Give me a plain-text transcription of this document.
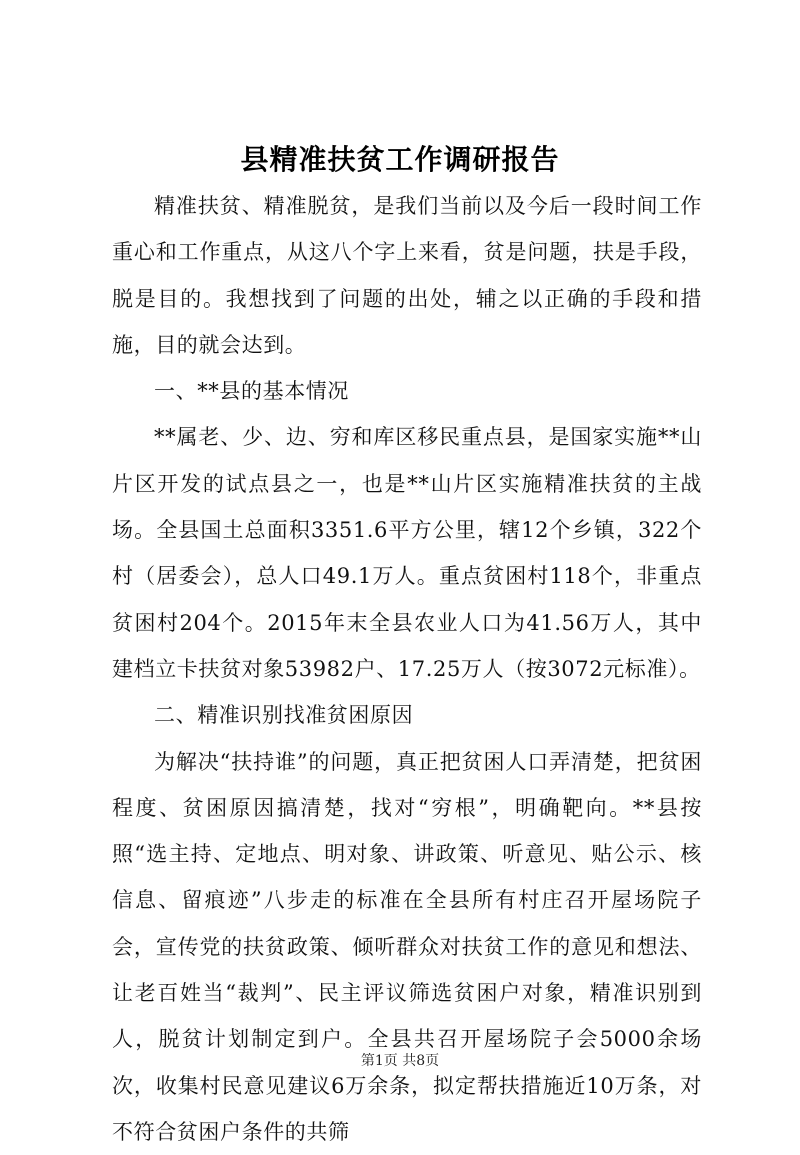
县精准扶贫工作调研报告

精准扶贫、精准脱贫，是我们当前以及今后一段时间工作重心和工作重点，从这八个字上来看，贫是问题，扶是手段，脱是目的。我想找到了问题的出处，辅之以正确的手段和措施，目的就会达到。

一、**县的基本情况

**属老、少、边、穷和库区移民重点县，是国家实施**山片区开发的试点县之一，也是**山片区实施精准扶贫的主战场。全县国土总面积3351.6平方公里，辖12个乡镇，322个村（居委会），总人口49.1万人。重点贫困村118个，非重点贫困村204个。2015年末全县农业人口为41.56万人，其中建档立卡扶贫对象53982户、17.25万人（按3072元标准）。

二、精准识别找准贫困原因

为解决“扶持谁”的问题，真正把贫困人口弄清楚，把贫困程度、贫困原因搞清楚，找对“穷根”，明确靶向。**县按照“选主持、定地点、明对象、讲政策、听意见、贴公示、核信息、留痕迹”八步走的标准在全县所有村庄召开屋场院子会，宣传党的扶贫政策、倾听群众对扶贫工作的意见和想法、让老百姓当“裁判”、民主评议筛选贫困户对象，精准识别到人，脱贫计划制定到户。全县共召开屋场院子会5000余场次，收集村民意见建议6万余条，拟定帮扶措施近10万条，对不符合贫困户条件的共筛

第1页 共8页
